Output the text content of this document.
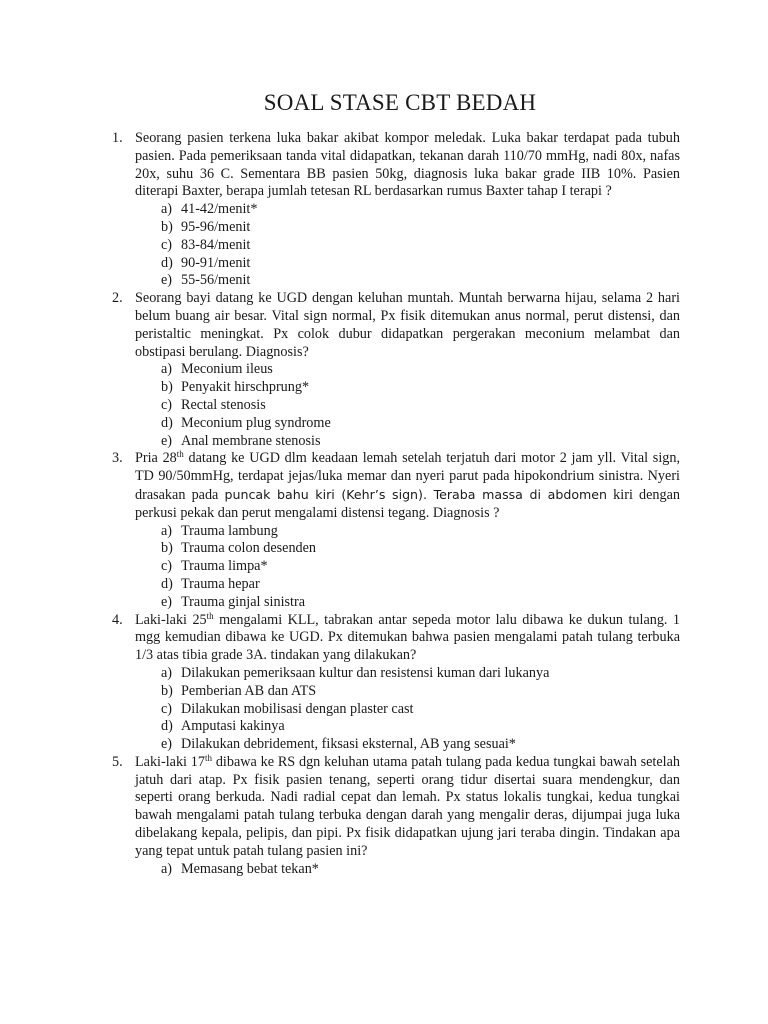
SOAL STASE CBT BEDAH
1. Seorang pasien terkena luka bakar akibat kompor meledak. Luka bakar terdapat pada tubuh pasien. Pada pemeriksaan tanda vital didapatkan, tekanan darah 110/70 mmHg, nadi 80x, nafas 20x, suhu 36 C. Sementara BB pasien 50kg, diagnosis luka bakar grade IIB 10%. Pasien diterapi Baxter, berapa jumlah tetesan RL berdasarkan rumus Baxter tahap I terapi ?

a) 41-42/menit*
b) 95-96/menit
c) 83-84/menit
d) 90-91/menit
e) 55-56/menit
2. Seorang bayi datang ke UGD dengan keluhan muntah. Muntah berwarna hijau, selama 2 hari belum buang air besar. Vital sign normal, Px fisik ditemukan anus normal, perut distensi, dan peristaltic meningkat. Px colok dubur didapatkan pergerakan meconium melambat dan obstipasi berulang. Diagnosis?

a) Meconium ileus
b) Penyakit hirschprung*
c) Rectal stenosis
d) Meconium plug syndrome
e) Anal membrane stenosis
3. Pria 28th datang ke UGD dlm keadaan lemah setelah terjatuh dari motor 2 jam yll. Vital sign, TD 90/50mmHg, terdapat jejas/luka memar dan nyeri parut pada hipokondrium sinistra. Nyeri drasakan pada puncak bahu kiri (Kehr’s sign). Teraba massa di abdomen kiri dengan perkusi pekak dan perut mengalami distensi tegang. Diagnosis ?

a) Trauma lambung
b) Trauma colon desenden
c) Trauma limpa*
d) Trauma hepar
e) Trauma ginjal sinistra
4. Laki-laki 25th mengalami KLL, tabrakan antar sepeda motor lalu dibawa ke dukun tulang. 1 mgg kemudian dibawa ke UGD. Px ditemukan bahwa pasien mengalami patah tulang terbuka 1/3 atas tibia grade 3A. tindakan yang dilakukan?

a) Dilakukan pemeriksaan kultur dan resistensi kuman dari lukanya
b) Pemberian AB dan ATS
c) Dilakukan mobilisasi dengan plaster cast
d) Amputasi kakinya
e) Dilakukan debridement, fiksasi eksternal, AB yang sesuai*
5. Laki-laki 17th dibawa ke RS dgn keluhan utama patah tulang pada kedua tungkai bawah setelah jatuh dari atap. Px fisik pasien tenang, seperti orang tidur disertai suara mendengkur, dan seperti orang berkuda. Nadi radial cepat dan lemah. Px status lokalis tungkai, kedua tungkai bawah mengalami patah tulang terbuka dengan darah yang mengalir deras, dijumpai juga luka dibelakang kepala, pelipis, dan pipi. Px fisik didapatkan ujung jari teraba dingin. Tindakan apa yang tepat untuk patah tulang pasien ini?

a) Memasang bebat tekan*
